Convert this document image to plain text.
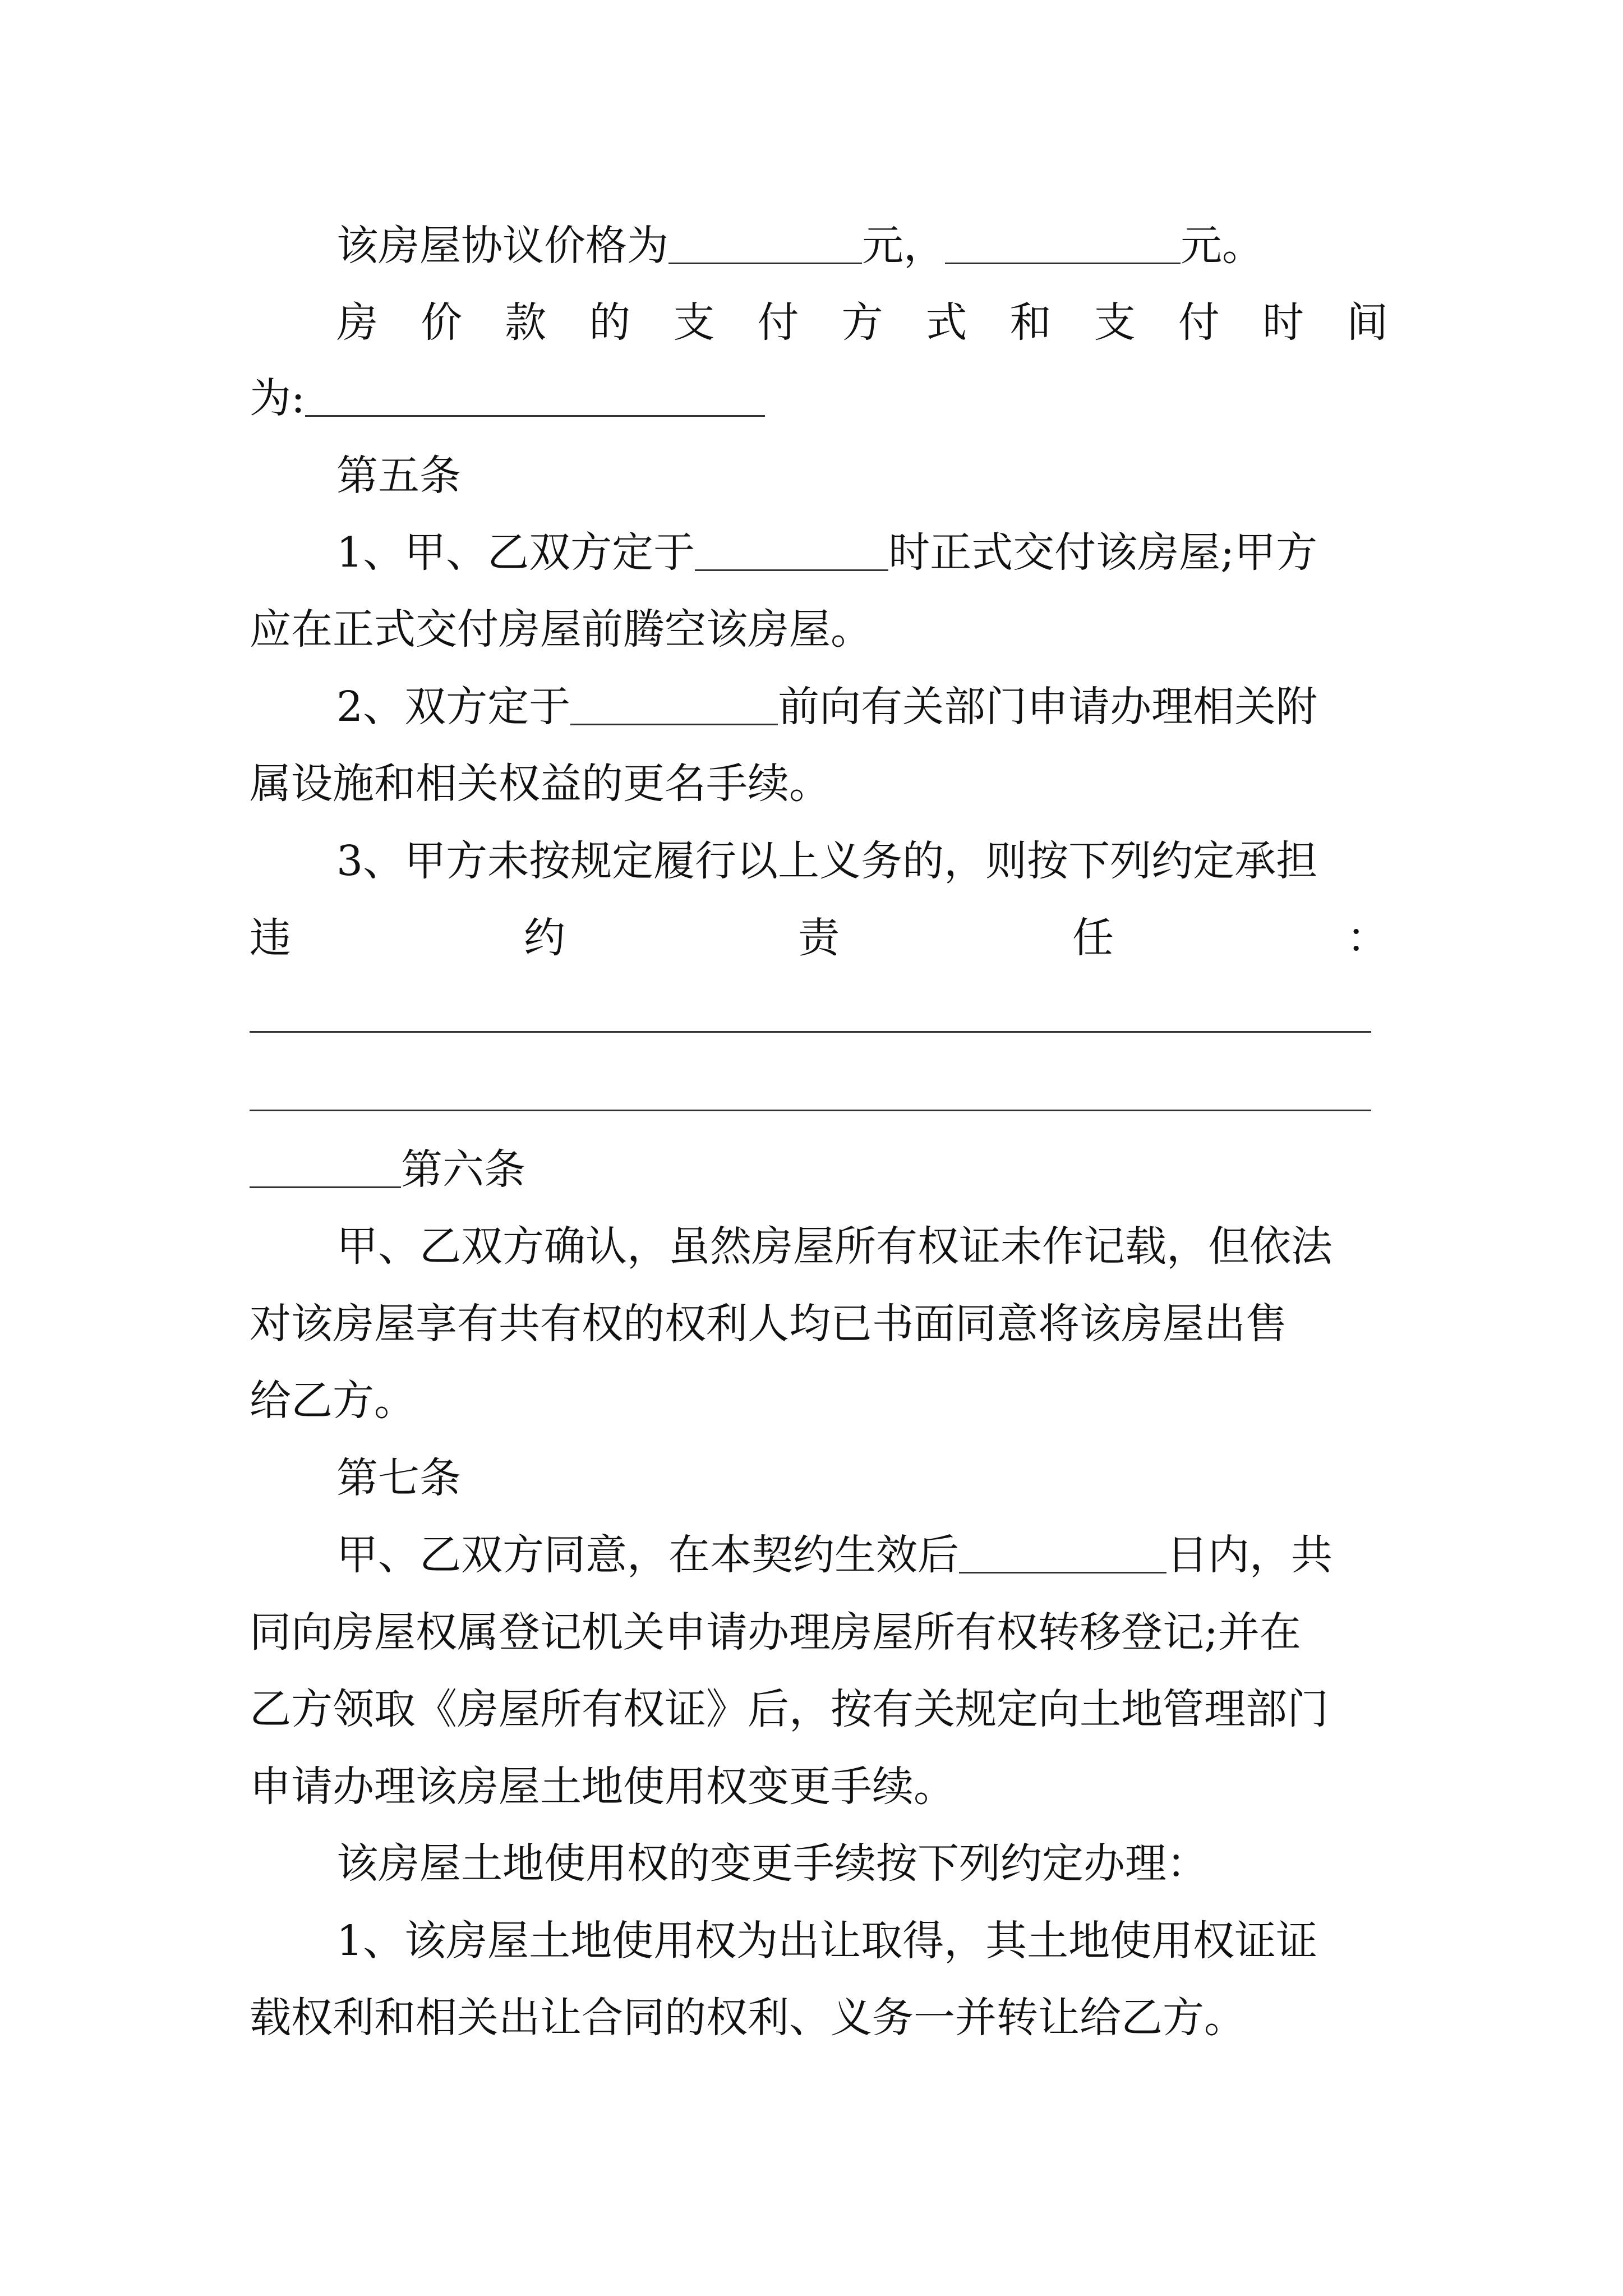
该房屋协议价格为	元，	元。
房 价 款 的 支 付 方 式 和 支 付 时 间
为:
第五条
1、甲、乙双方定于	时正式交付该房屋;甲方
应在正式交付房屋前腾空该房屋。
2、双方定于	前向有关部门申请办理相关附
属设施和相关权益的更名手续。
3、甲方未按规定履行以上义务的，则按下列约定承担
违	约	责	任	：
第六条
甲、乙双方确认，虽然房屋所有权证未作记载，但依法
对该房屋享有共有权的权利人均已书面同意将该房屋出售
给乙方。
第七条
甲、乙双方同意，在本契约生效后	日内，共
同向房屋权属登记机关申请办理房屋所有权转移登记;并在
乙方领取《房屋所有权证》后，按有关规定向土地管理部门
申请办理该房屋土地使用权变更手续。
该房屋土地使用权的变更手续按下列约定办理：
1、该房屋土地使用权为出让取得，其土地使用权证证
载权利和相关出让合同的权利、义务一并转让给乙方。
